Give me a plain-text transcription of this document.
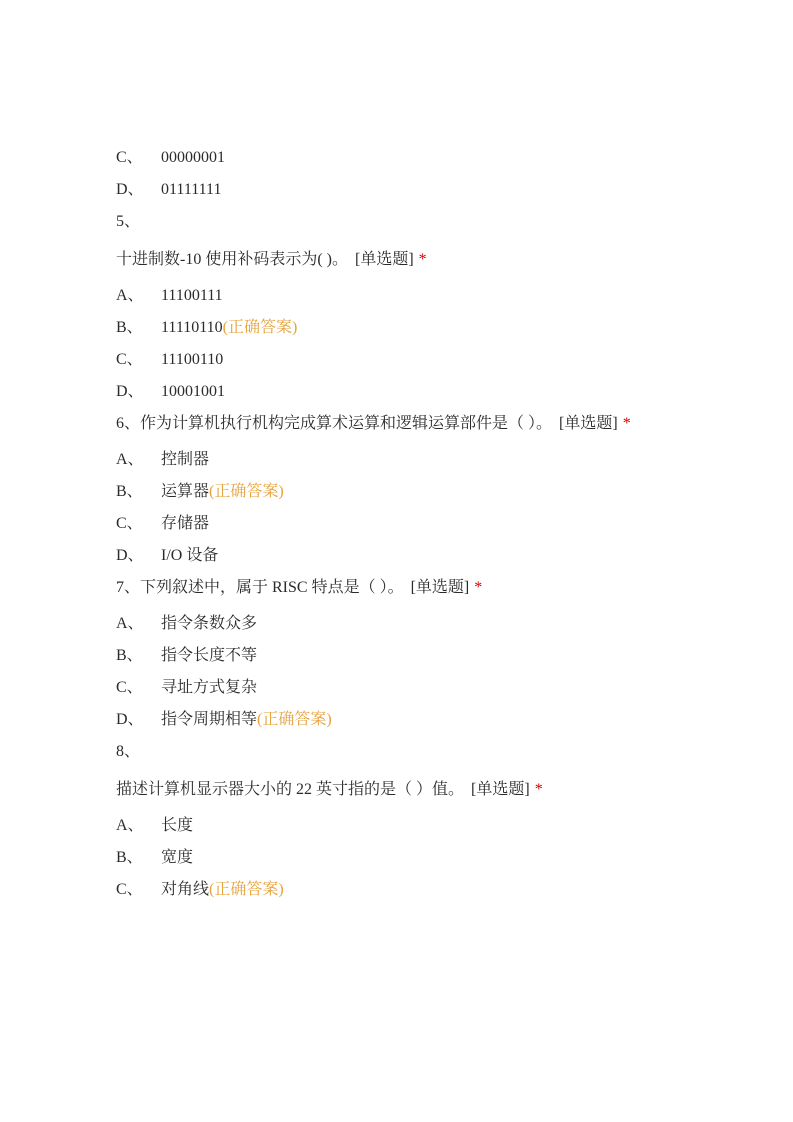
C、 00000001
D、 01111111
5、
十进制数-10 使用补码表示为( )。 [单选题] *
A、 11100111
B、 11110110(正确答案)
C、 11100110
D、 10001001
6、作为计算机执行机构完成算术运算和逻辑运算部件是（ ）。 [单选题] *
A、 控制器
B、 运算器(正确答案)
C、 存储器
D、 I/O 设备
7、下列叙述中，属于 RISC 特点是（ ）。 [单选题] *
A、 指令条数众多
B、 指令长度不等
C、 寻址方式复杂
D、 指令周期相等(正确答案)
8、
描述计算机显示器大小的 22 英寸指的是（ ）值。 [单选题] *
A、 长度
B、 宽度
C、 对角线(正确答案)
